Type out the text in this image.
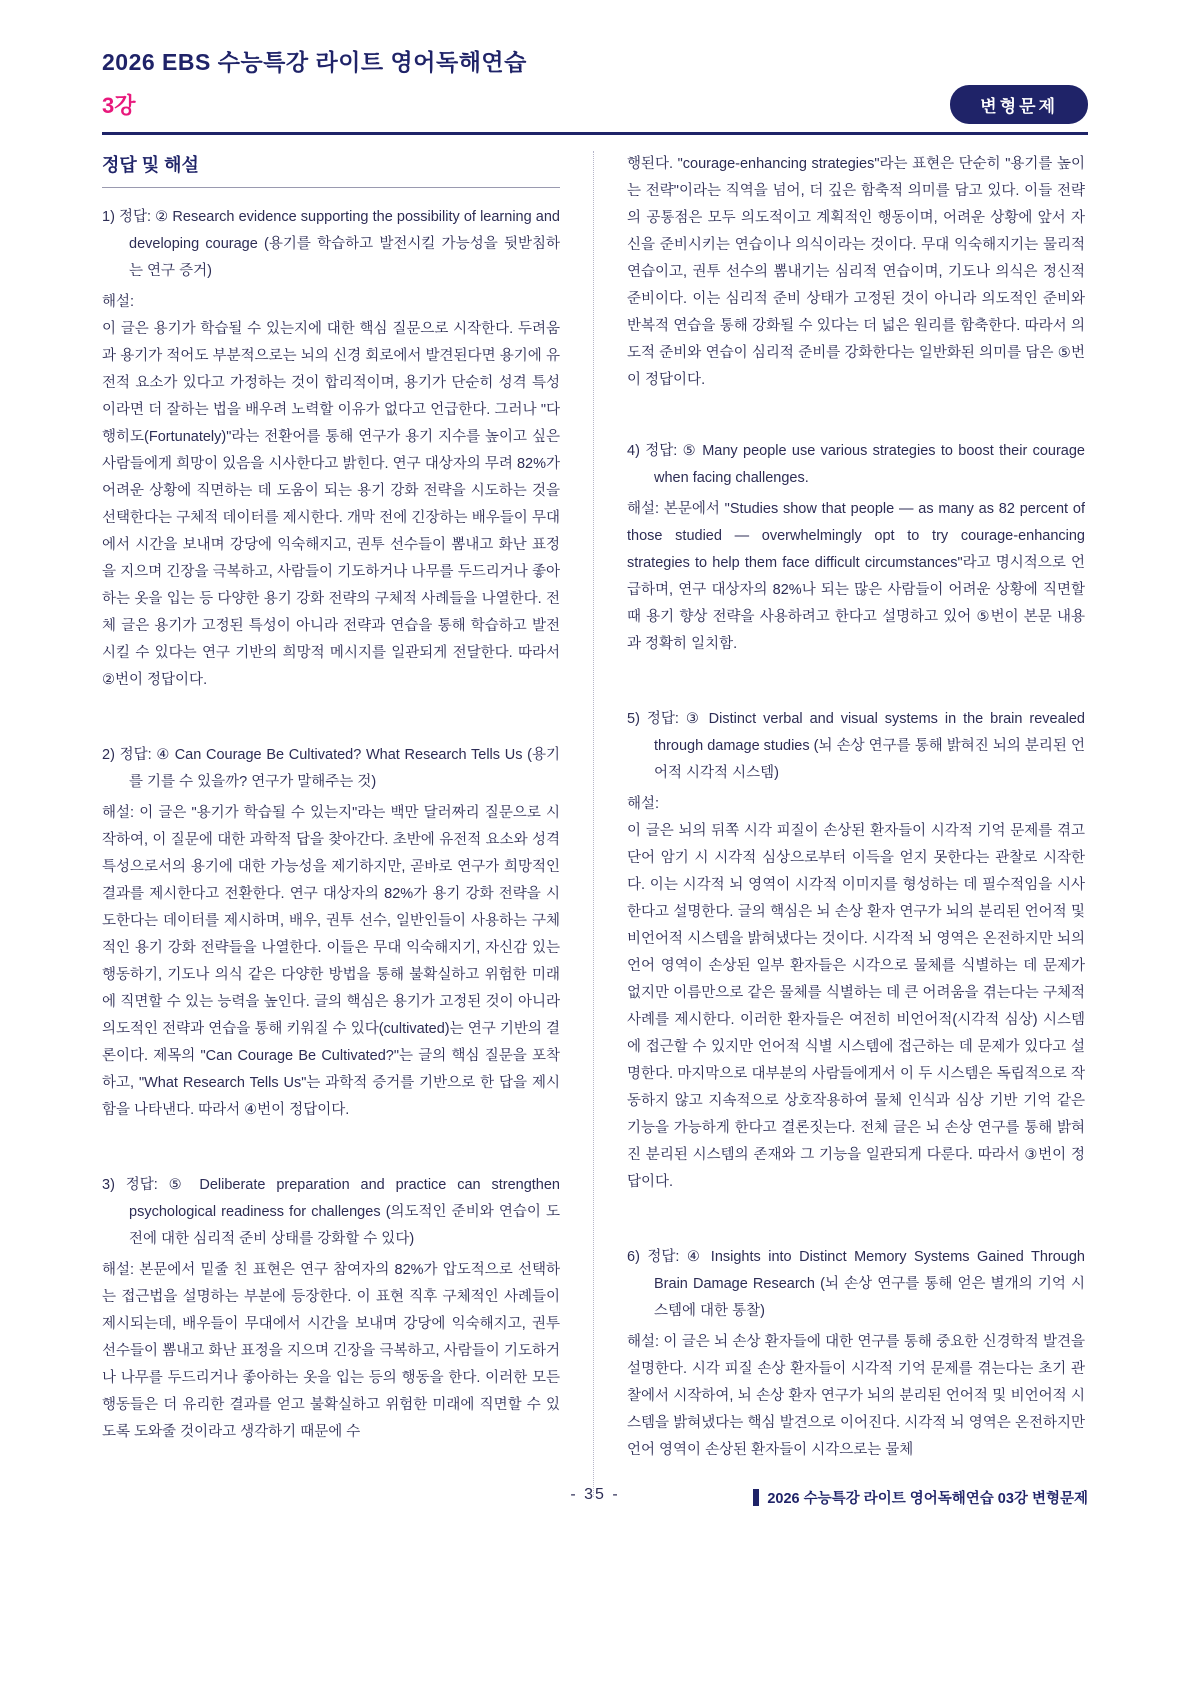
2026 EBS 수능특강 라이트 영어독해연습
3강	변형문제
정답 및 해설

1) 정답: ② Research evidence supporting the possibility of learning and developing courage (용기를 학습하고 발전시킬 가능성을 뒷받침하는 연구 증거)

해설:

이 글은 용기가 학습될 수 있는지에 대한 핵심 질문으로 시작한다. 두려움과 용기가 적어도 부분적으로는 뇌의 신경 회로에서 발견된다면 용기에 유전적 요소가 있다고 가정하는 것이 합리적이며, 용기가 단순히 성격 특성이라면 더 잘하는 법을 배우려 노력할 이유가 없다고 언급한다. 그러나 "다행히도(Fortunately)"라는 전환어를 통해 연구가 용기 지수를 높이고 싶은 사람들에게 희망이 있음을 시사한다고 밝힌다. 연구 대상자의 무려 82%가 어려운 상황에 직면하는 데 도움이 되는 용기 강화 전략을 시도하는 것을 선택한다는 구체적 데이터를 제시한다. 개막 전에 긴장하는 배우들이 무대에서 시간을 보내며 강당에 익숙해지고, 권투 선수들이 뽐내고 화난 표정을 지으며 긴장을 극복하고, 사람들이 기도하거나 나무를 두드리거나 좋아하는 옷을 입는 등 다양한 용기 강화 전략의 구체적 사례들을 나열한다. 전체 글은 용기가 고정된 특성이 아니라 전략과 연습을 통해 학습하고 발전시킬 수 있다는 연구 기반의 희망적 메시지를 일관되게 전달한다. 따라서 ②번이 정답이다.

2) 정답: ④ Can Courage Be Cultivated? What Research Tells Us (용기를 기를 수 있을까? 연구가 말해주는 것)

해설: 이 글은 "용기가 학습될 수 있는지"라는 백만 달러짜리 질문으로 시작하여, 이 질문에 대한 과학적 답을 찾아간다. 초반에 유전적 요소와 성격 특성으로서의 용기에 대한 가능성을 제기하지만, 곧바로 연구가 희망적인 결과를 제시한다고 전환한다. 연구 대상자의 82%가 용기 강화 전략을 시도한다는 데이터를 제시하며, 배우, 권투 선수, 일반인들이 사용하는 구체적인 용기 강화 전략들을 나열한다. 이들은 무대 익숙해지기, 자신감 있는 행동하기, 기도나 의식 같은 다양한 방법을 통해 불확실하고 위험한 미래에 직면할 수 있는 능력을 높인다. 글의 핵심은 용기가 고정된 것이 아니라 의도적인 전략과 연습을 통해 키워질 수 있다(cultivated)는 연구 기반의 결론이다. 제목의 "Can Courage Be Cultivated?"는 글의 핵심 질문을 포착하고, "What Research Tells Us"는 과학적 증거를 기반으로 한 답을 제시함을 나타낸다. 따라서 ④번이 정답이다.

3) 정답: ⑤ Deliberate preparation and practice can strengthen psychological readiness for challenges (의도적인 준비와 연습이 도전에 대한 심리적 준비 상태를 강화할 수 있다)

해설: 본문에서 밑줄 친 표현은 연구 참여자의 82%가 압도적으로 선택하는 접근법을 설명하는 부분에 등장한다. 이 표현 직후 구체적인 사례들이 제시되는데, 배우들이 무대에서 시간을 보내며 강당에 익숙해지고, 권투 선수들이 뽐내고 화난 표정을 지으며 긴장을 극복하고, 사람들이 기도하거나 나무를 두드리거나 좋아하는 옷을 입는 등의 행동을 한다. 이러한 모든 행동들은 더 유리한 결과를 얻고 불확실하고 위험한 미래에 직면할 수 있도록 도와줄 것이라고 생각하기 때문에 수

행된다. "courage-enhancing strategies"라는 표현은 단순히 "용기를 높이는 전략"이라는 직역을 넘어, 더 깊은 함축적 의미를 담고 있다. 이들 전략의 공통점은 모두 의도적이고 계획적인 행동이며, 어려운 상황에 앞서 자신을 준비시키는 연습이나 의식이라는 것이다. 무대 익숙해지기는 물리적 연습이고, 권투 선수의 뽐내기는 심리적 연습이며, 기도나 의식은 정신적 준비이다. 이는 심리적 준비 상태가 고정된 것이 아니라 의도적인 준비와 반복적 연습을 통해 강화될 수 있다는 더 넓은 원리를 함축한다. 따라서 의도적 준비와 연습이 심리적 준비를 강화한다는 일반화된 의미를 담은 ⑤번이 정답이다.

4) 정답: ⑤ Many people use various strategies to boost their courage when facing challenges.

해설: 본문에서 "Studies show that people — as many as 82 percent of those studied — overwhelmingly opt to try courage-enhancing strategies to help them face difficult circumstances"라고 명시적으로 언급하며, 연구 대상자의 82%나 되는 많은 사람들이 어려운 상황에 직면할 때 용기 향상 전략을 사용하려고 한다고 설명하고 있어 ⑤번이 본문 내용과 정확히 일치함.

5) 정답: ③ Distinct verbal and visual systems in the brain revealed through damage studies (뇌 손상 연구를 통해 밝혀진 뇌의 분리된 언어적 시각적 시스템)

해설:

이 글은 뇌의 뒤쪽 시각 피질이 손상된 환자들이 시각적 기억 문제를 겪고 단어 암기 시 시각적 심상으로부터 이득을 얻지 못한다는 관찰로 시작한다. 이는 시각적 뇌 영역이 시각적 이미지를 형성하는 데 필수적임을 시사한다고 설명한다. 글의 핵심은 뇌 손상 환자 연구가 뇌의 분리된 언어적 및 비언어적 시스템을 밝혀냈다는 것이다. 시각적 뇌 영역은 온전하지만 뇌의 언어 영역이 손상된 일부 환자들은 시각으로 물체를 식별하는 데 문제가 없지만 이름만으로 같은 물체를 식별하는 데 큰 어려움을 겪는다는 구체적 사례를 제시한다. 이러한 환자들은 여전히 비언어적(시각적 심상) 시스템에 접근할 수 있지만 언어적 식별 시스템에 접근하는 데 문제가 있다고 설명한다. 마지막으로 대부분의 사람들에게서 이 두 시스템은 독립적으로 작동하지 않고 지속적으로 상호작용하여 물체 인식과 심상 기반 기억 같은 기능을 가능하게 한다고 결론짓는다. 전체 글은 뇌 손상 연구를 통해 밝혀진 분리된 시스템의 존재와 그 기능을 일관되게 다룬다. 따라서 ③번이 정답이다.

6) 정답: ④ Insights into Distinct Memory Systems Gained Through Brain Damage Research (뇌 손상 연구를 통해 얻은 별개의 기억 시스템에 대한 통찰)

해설: 이 글은 뇌 손상 환자들에 대한 연구를 통해 중요한 신경학적 발견을 설명한다. 시각 피질 손상 환자들이 시각적 기억 문제를 겪는다는 초기 관찰에서 시작하여, 뇌 손상 환자 연구가 뇌의 분리된 언어적 및 비언어적 시스템을 밝혀냈다는 핵심 발견으로 이어진다. 시각적 뇌 영역은 온전하지만 언어 영역이 손상된 환자들이 시각으로는 물체

- 35 -	2026 수능특강 라이트 영어독해연습 03강 변형문제
